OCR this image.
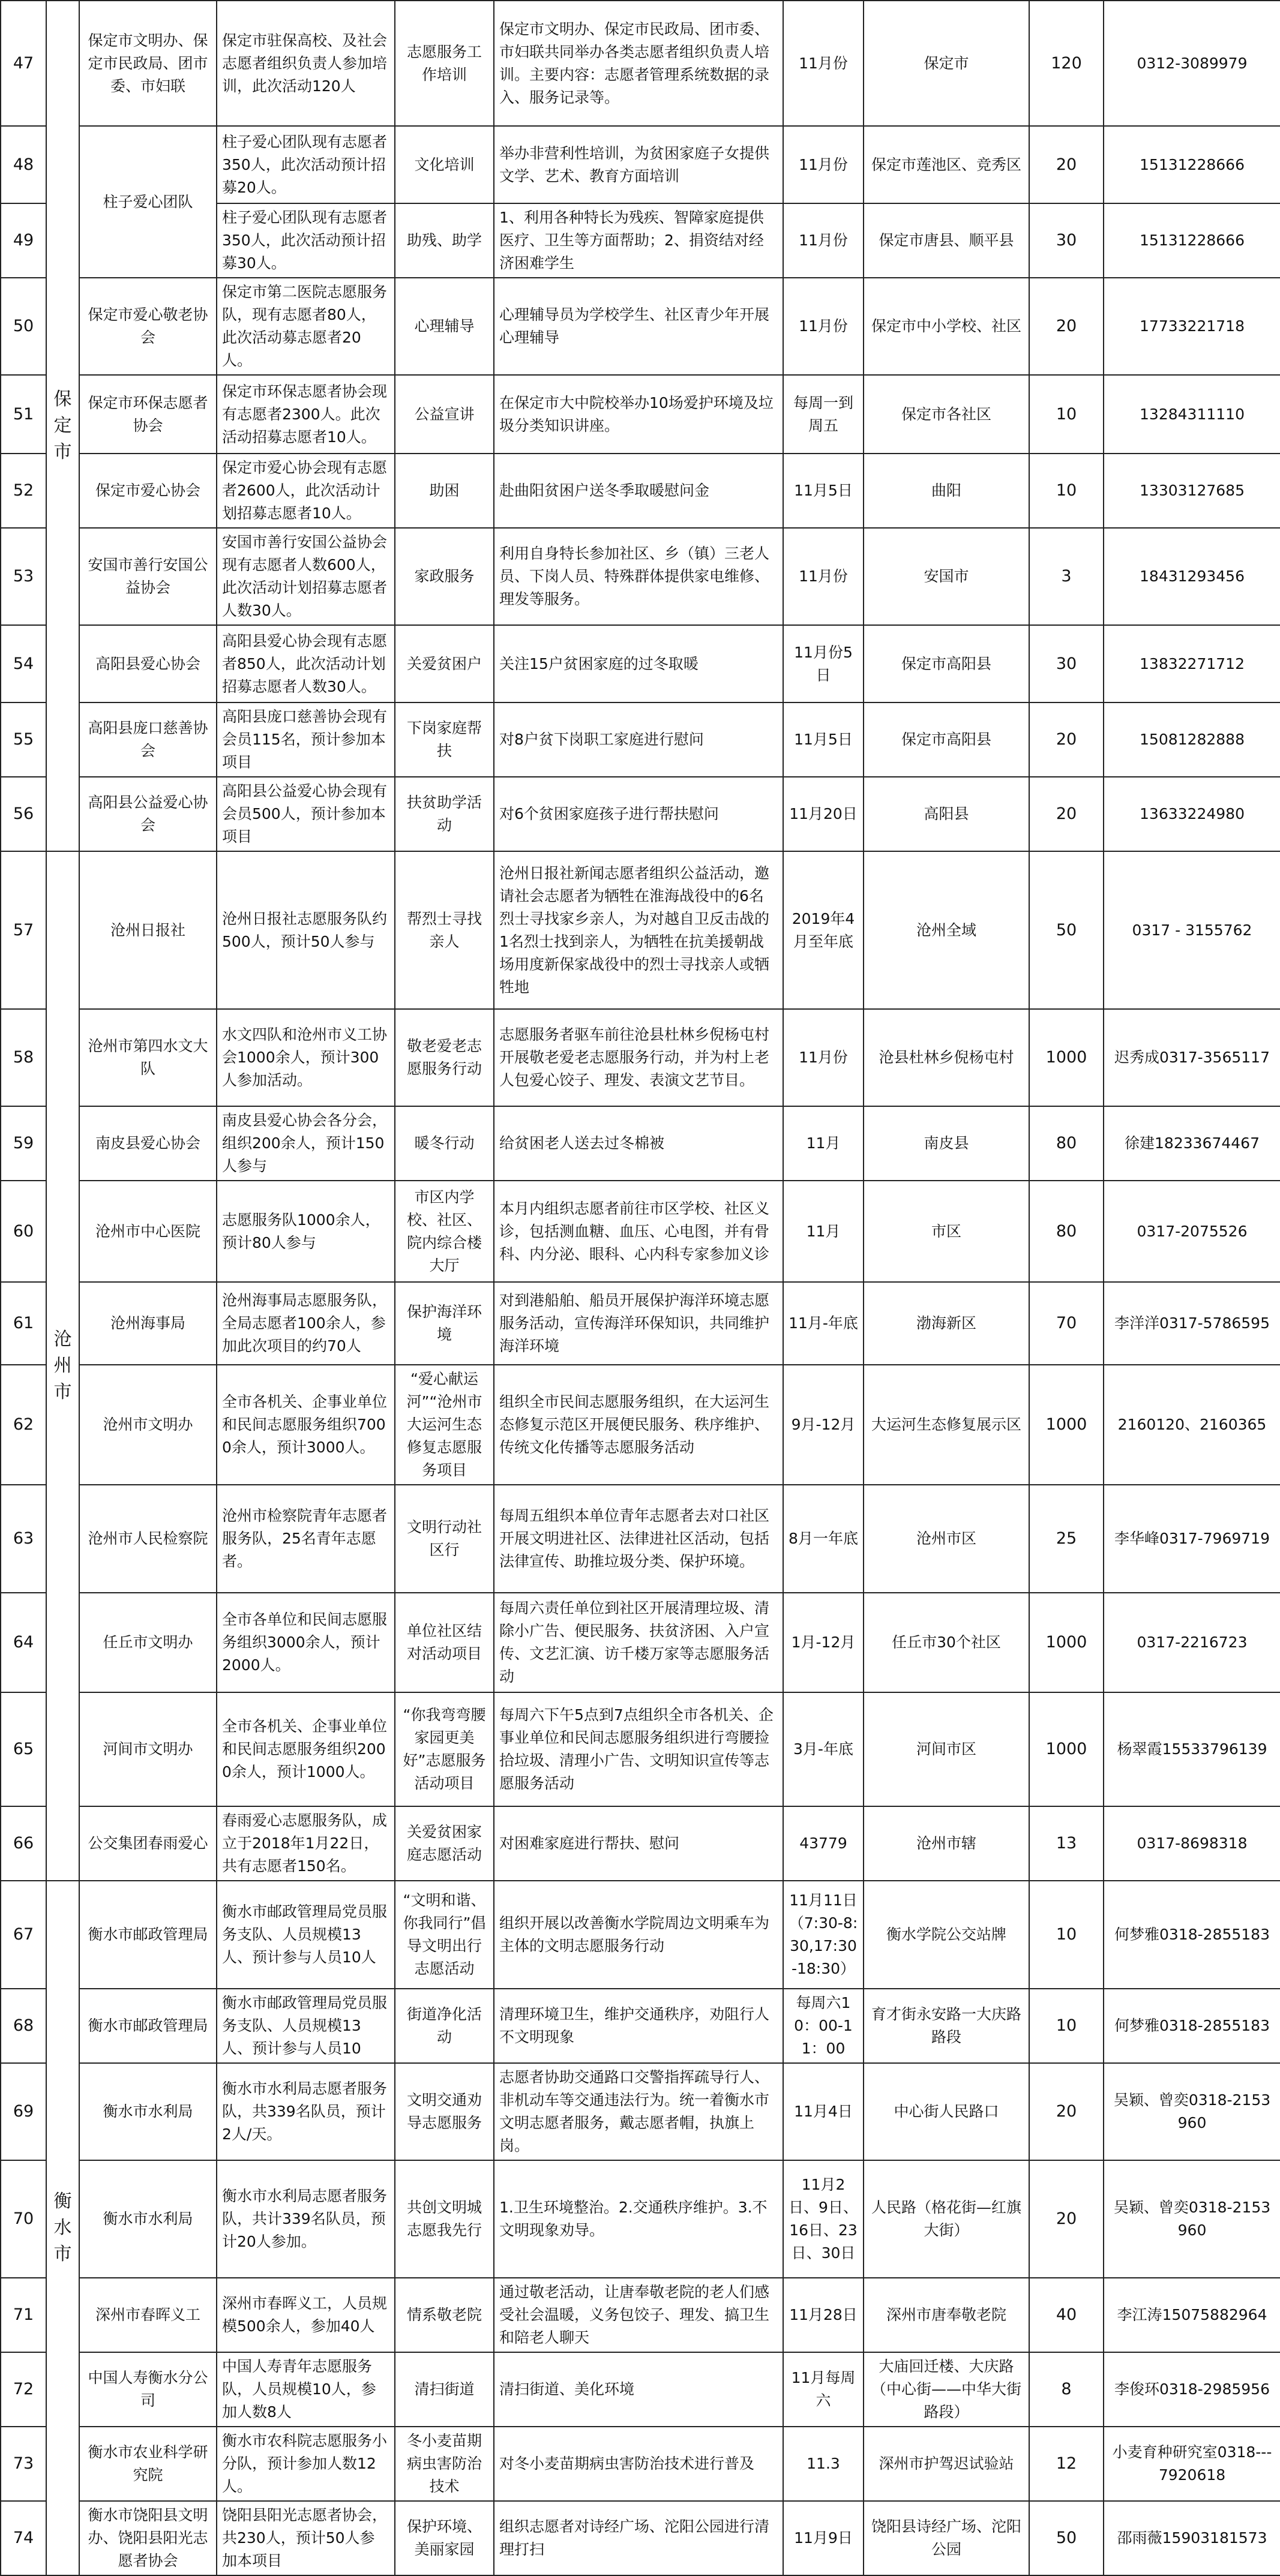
47	保定市	保定市文明办、保定市民政局、团市委、市妇联	保定市驻保高校、及社会志愿者组织负责人参加培训，此次活动120人	志愿服务工作培训	保定市文明办、保定市民政局、团市委、市妇联共同举办各类志愿者组织负责人培训。主要内容：志愿者管理系统数据的录入、服务记录等。	11月份	保定市	120	0312-3089979
48		柱子爱心团队	柱子爱心团队现有志愿者350人，此次活动预计招募20人。	文化培训	举办非营利性培训，为贫困家庭子女提供文学、艺术、教育方面培训	11月份	保定市莲池区、竞秀区	20	15131228666
49			柱子爱心团队现有志愿者350人，此次活动预计招募30人。	助残、助学	1、利用各种特长为残疾、智障家庭提供医疗、卫生等方面帮助；2、捐资结对经济困难学生	11月份	保定市唐县、顺平县	30	15131228666
50		保定市爱心敬老协会	保定市第二医院志愿服务队，现有志愿者80人，此次活动募志愿者20人。	心理辅导	心理辅导员为学校学生、社区青少年开展心理辅导	11月份	保定市中小学校、社区	20	17733221718
51		保定市环保志愿者协会	保定市环保志愿者协会现有志愿者2300人。此次活动招募志愿者10人。	公益宣讲	在保定市大中院校举办10场爱护环境及垃圾分类知识讲座。	每周一到周五	保定市各社区	10	13284311110
52		保定市爱心协会	保定市爱心协会现有志愿者2600人，此次活动计划招募志愿者10人。	助困	赴曲阳贫困户送冬季取暖慰问金	11月5日	曲阳	10	13303127685
53		安国市善行安国公益协会	安国市善行安国公益协会现有志愿者人数600人，此次活动计划招募志愿者人数30人。	家政服务	利用自身特长参加社区、乡（镇）三老人员、下岗人员、特殊群体提供家电维修、理发等服务。	11月份	安国市	3	18431293456
54		高阳县爱心协会	高阳县爱心协会现有志愿者850人，此次活动计划招募志愿者人数30人。	关爱贫困户	关注15户贫困家庭的过冬取暖	11月份5日	保定市高阳县	30	13832271712
55		高阳县庞口慈善协会	高阳县庞口慈善协会现有会员115名，预计参加本项目	下岗家庭帮扶	对8户贫下岗职工家庭进行慰问	11月5日	保定市高阳县	20	15081282888
56		高阳县公益爱心协会	高阳县公益爱心协会现有会员500人，预计参加本项目	扶贫助学活动	对6个贫困家庭孩子进行帮扶慰问	11月20日	高阳县	20	13633224980
57	沧州市	沧州日报社	沧州日报社志愿服务队约500人，预计50人参与	帮烈士寻找亲人	沧州日报社新闻志愿者组织公益活动，邀请社会志愿者为牺牲在淮海战役中的6名烈士寻找家乡亲人，为对越自卫反击战的1名烈士找到亲人，为牺牲在抗美援朝战场用度新保家战役中的烈士寻找亲人或牺牲地	2019年4月至年底	沧州全域	50	0317 - 3155762
58		沧州市第四水文大队	水文四队和沧州市义工协会1000余人，预计300人参加活动。	敬老爱老志愿服务行动	志愿服务者驱车前往沧县杜林乡倪杨屯村开展敬老爱老志愿服务行动，并为村上老人包爱心饺子、理发、表演文艺节目。	11月份	沧县杜林乡倪杨屯村	1000	迟秀成0317-3565117
59		南皮县爱心协会	南皮县爱心协会各分会，组织200余人，预计150人参与	暖冬行动	给贫困老人送去过冬棉被	11月	南皮县	80	徐建18233674467
60		沧州市中心医院	志愿服务队1000余人，预计80人参与	市区内学校、社区、院内综合楼大厅	本月内组织志愿者前往市区学校、社区义诊，包括测血糖、血压、心电图，并有骨科、内分泌、眼科、心内科专家参加义诊	11月	市区	80	0317-2075526
61		沧州海事局	沧州海事局志愿服务队，全局志愿者100余人，参加此次项目的约70人	保护海洋环境	对到港船舶、船员开展保护海洋环境志愿服务活动，宣传海洋环保知识，共同维护海洋环境	11月-年底	渤海新区	70	李洋洋0317-5786595
62		沧州市文明办	全市各机关、企事业单位和民间志愿服务组织7000余人，预计3000人。	“爱心献运河”“沧州市大运河生态修复志愿服务项目	组织全市民间志愿服务组织，在大运河生态修复示范区开展便民服务、秩序维护、传统文化传播等志愿服务活动	9月-12月	大运河生态修复展示区	1000	2160120、2160365
63		沧州市人民检察院	沧州市检察院青年志愿者服务队，25名青年志愿者。	文明行动社区行	每周五组织本单位青年志愿者去对口社区开展文明进社区、法律进社区活动，包括法律宣传、助推垃圾分类、保护环境。	8月一年底	沧州市区	25	李华峰0317-7969719
64		任丘市文明办	全市各单位和民间志愿服务组织3000余人，预计2000人。	单位社区结对活动项目	每周六责任单位到社区开展清理垃圾、清除小广告、便民服务、扶贫济困、入户宣传、文艺汇演、访千楼万家等志愿服务活动	1月-12月	任丘市30个社区	1000	0317-2216723
65		河间市文明办	全市各机关、企事业单位和民间志愿服务组织2000余人，预计1000人。	“你我弯弯腰家园更美好”志愿服务活动项目	每周六下午5点到7点组织全市各机关、企事业单位和民间志愿服务组织进行弯腰捡拾垃圾、清理小广告、文明知识宣传等志愿服务活动	3月-年底	河间市区	1000	杨翠霞15533796139
66		公交集团春雨爱心	春雨爱心志愿服务队，成立于2018年1月22日，共有志愿者150名。	关爱贫困家庭志愿活动	对困难家庭进行帮扶、慰问	43779	沧州市辖	13	0317-8698318
67	衡水市	衡水市邮政管理局	衡水市邮政管理局党员服务支队、人员规模13人、预计参与人员10人	“文明和谐、你我同行”倡导文明出行志愿活动	组织开展以改善衡水学院周边文明乘车为主体的文明志愿服务行动	11月11日（7:30-8:30,17:30-18:30）	衡水学院公交站牌	10	何梦雅0318-2855183
68		衡水市邮政管理局	衡水市邮政管理局党员服务支队、人员规模13人、预计参与人员10	街道净化活动	清理环境卫生，维护交通秩序，劝阻行人不文明现象	每周六10：00-11：00	育才街永安路一大庆路路段	10	何梦雅0318-2855183
69		衡水市水利局	衡水市水利局志愿者服务队，共339名队员，预计2人/天。	文明交通劝导志愿服务	志愿者协助交通路口交警指挥疏导行人、非机动车等交通违法行为。统一着衡水市文明志愿者服务，戴志愿者帽，执旗上岗。	11月4日	中心街人民路口	20	吴颖、曾奕0318-2153960
70		衡水市水利局	衡水市水利局志愿者服务队，共计339名队员，预计20人参加。	共创文明城志愿我先行	1.卫生环境整治。2.交通秩序维护。3.不文明现象劝导。	11月2日、9日、16日、23日、30日	人民路（格花街—红旗大街）	20	吴颖、曾奕0318-2153960
71		深州市春晖义工	深州市春晖义工，人员规模500余人，参加40人	情系敬老院	通过敬老活动，让唐奉敬老院的老人们感受社会温暖，义务包饺子、理发、搞卫生和陪老人聊天	11月28日	深州市唐奉敬老院	40	李江涛15075882964
72		中国人寿衡水分公司	中国人寿青年志愿服务队，人员规模10人，参加人数8人	清扫街道	清扫街道、美化环境	11月每周六	大庙回迁楼、大庆路（中心街——中华大街路段）	8	李俊环0318-2985956
73		衡水市农业科学研究院	衡水市农科院志愿服务小分队，预计参加人数12人。	冬小麦苗期病虫害防治技术	对冬小麦苗期病虫害防治技术进行普及	11.3	深州市护驾迟试验站	12	小麦育种研究室0318---7920618
74		衡水市饶阳县文明办、饶阳县阳光志愿者协会	饶阳县阳光志愿者协会，共230人，预计50人参加本项目	保护环境、美丽家园	组织志愿者对诗经广场、沱阳公园进行清理打扫	11月9日	饶阳县诗经广场、沱阳公园	50	邵雨薇15903181573
